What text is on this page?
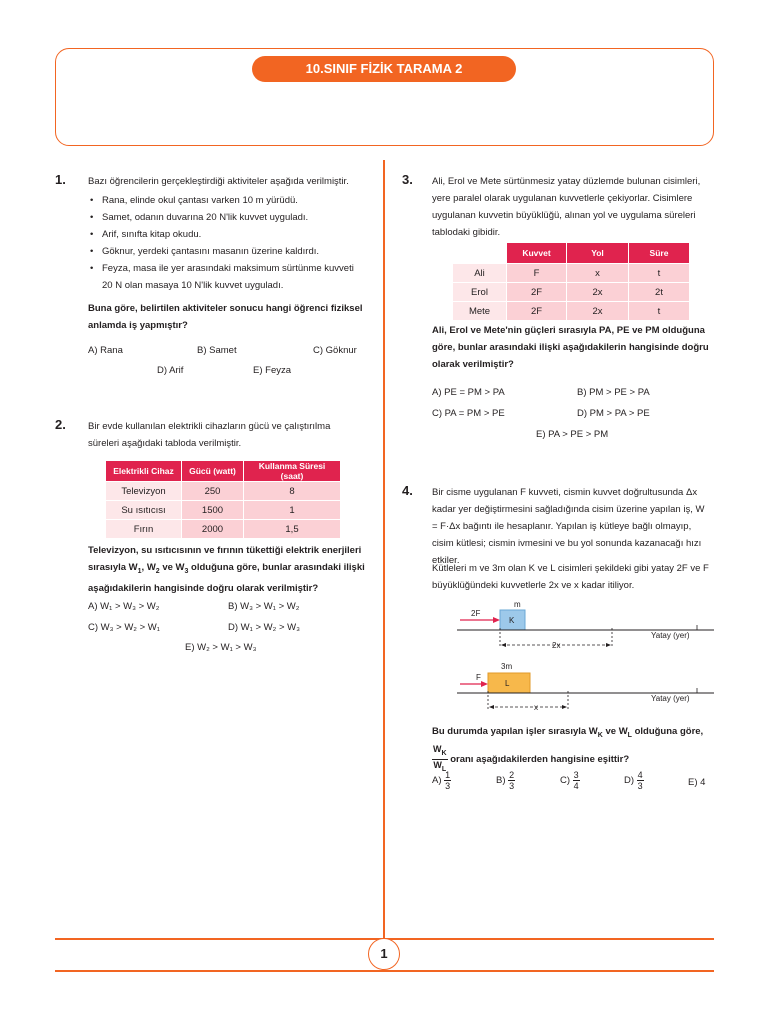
10.SINIF FİZİK TARAMA 2
1. Bazı öğrencilerin gerçekleştirdiği aktiviteler aşağıda verilmiştir.
• Rana, elinde okul çantası varken 10 m yürüdü.
• Samet, odanın duvarına 20 N'lik kuvvet uyguladı.
• Arif, sınıfta kitap okudu.
• Göknur, yerdeki çantasını masanın üzerine kaldırdı.
• Feyza, masa ile yer arasındaki maksimum sürtünme kuvveti 20 N olan masaya 10 N'lik kuvvet uyguladı.
Buna göre, belirtilen aktiviteler sonucu hangi öğrenci fiziksel anlamda iş yapmıştır?
A) Rana	B) Samet	C) Göknur
D) Arif	E) Feyza
2. Bir evde kullanılan elektrikli cihazların gücü ve çalıştırılma süreleri aşağıdaki tabloda verilmiştir.
Elektrikli Cihaz	Gücü (watt)	Kullanma Süresi (saat)
Televizyon	250	8
Su ısıtıcısı	1500	1
Fırın	2000	1,5
Televizyon, su ısıtıcısının ve fırının tükettiği elektrik enerjileri sırasıyla $W_1$, $W_2$ ve $W_3$ olduğuna göre, bunlar arasındaki ilişki aşağıdakilerin hangisinde doğru olarak verilmiştir?
A) W₁ > W₃ > W₂	B) W₃ > W₁ > W₂
C) W₃ > W₂ > W₁	D) W₁ > W₂ > W₃
E) W₂ > W₁ > W₃
3. Ali, Erol ve Mete sürtünmesiz yatay düzlemde bulunan cisimleri, yere paralel olarak uygulanan kuvvetlerle çekiyorlar. Cisimlere uygulanan kuvvetin büyüklüğü, alınan yol ve uygulama süreleri tablodaki gibidir.
	Kuvvet	Yol	Süre
Ali	F	x	t
Erol	2F	2x	2t
Mete	2F	2x	t
Ali, Erol ve Mete'nin güçleri sırasıyla PA, PE ve PM olduğuna göre, bunlar arasındaki ilişki aşağıdakilerin hangisinde doğru olarak verilmiştir?
A) PE = PM > PA	B) PM > PE > PA
C) PA = PM > PE	D) PM > PA > PE
E) PA > PE > PM
4. Bir cisme uygulanan F kuvveti, cismin kuvvet doğrultusunda Δx kadar yer değiştirmesini sağladığında cisim üzerine yapılan iş, W = F·Δx bağıntı ile hesaplanır. Yapılan iş kütleye bağlı olmayıp, cisim kütlesi; cismin ivmesini ve bu yol sonunda kazanacağı hızı etkiler.
Kütleleri m ve 3m olan K ve L cisimleri şekildeki gibi yatay 2F ve F büyüklüğündeki kuvvetlerle 2x ve x kadar itiliyor.
m
2F
K
2x
Yatay (yer)
3m
F
L
x
Yatay (yer)
Bu durumda yapılan işler sırasıyla $W_K$ ve $W_L$ olduğuna göre,
$\frac{W_K}{W_L}$ oranı aşağıdakilerden hangisine eşittir?
$A) \frac{1}{3}$	$B) \frac{2}{3}$	$C) \frac{3}{4}$	$D) \frac{4}{3}$	E) 4
1
